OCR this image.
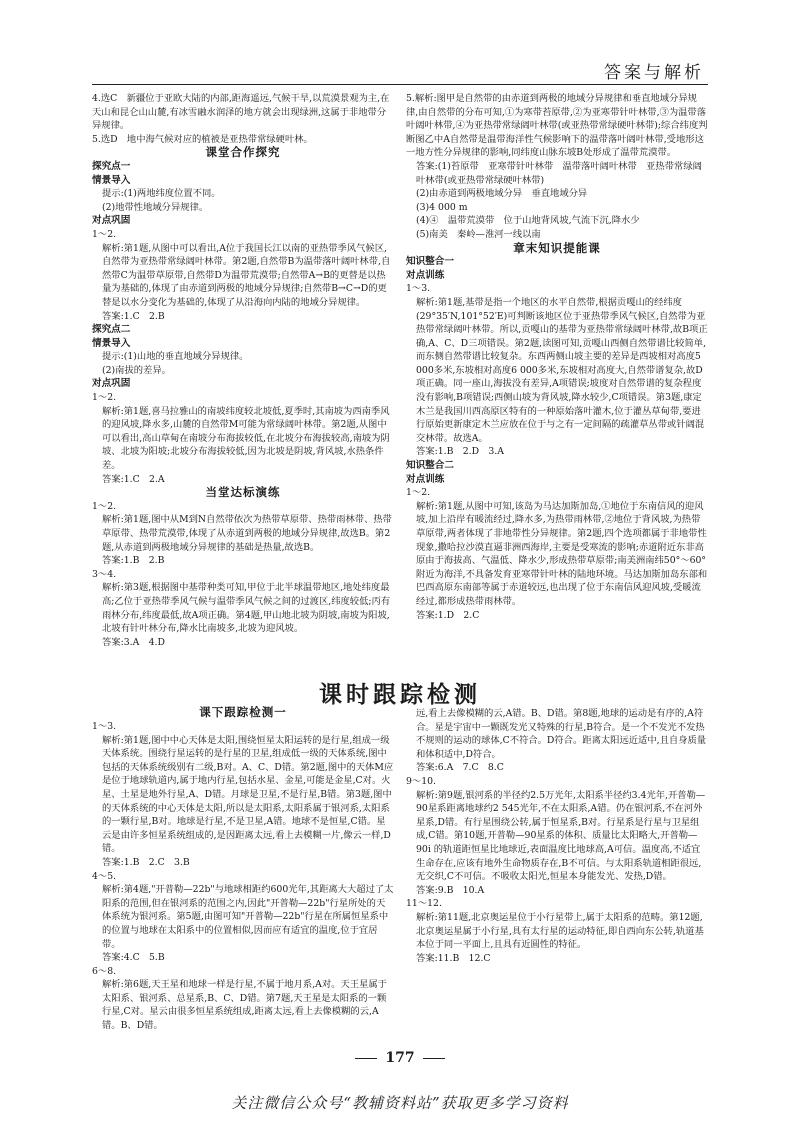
答案与解析

4.选C　新疆位于亚欧大陆的内部,距海遥远,气候干旱,以荒漠景观为主,在天山和昆仑山山麓,有冰雪融水润泽的地方就会出现绿洲,这属于非地带分异规律。

5.选D　地中海气候对应的植被是亚热带常绿硬叶林。

课堂合作探究

探究点一

情景导入

提示:(1)两地纬度位置不同。

(2)地带性地域分异规律。

对点巩固

1～2.

解析:第1题,从图中可以看出,A位于我国长江以南的亚热带季风气候区,自然带为亚热带常绿阔叶林带。第2题,自然带B为温带落叶阔叶林带,自然带C为温带草原带,自然带D为温带荒漠带;自然带A→B的更替是以热量为基础的,体现了由赤道到两极的地域分异规律;自然带B→C→D的更替是以水分变化为基础的,体现了从沿海向内陆的地域分异规律。

答案:1.C　2.B

探究点二

情景导入

提示:(1)山地的垂直地域分异规律。

(2)南拔的差异。

对点巩固

1～2.

解析:第1题,喜马拉雅山的南坡纬度较北坡低,夏季时,其南坡为西南季风的迎风坡,降水多,山麓的自然带M可能为常绿阔叶林带。第2题,从图中可以看出,高山草甸在南坡分布海拔较低,在北坡分布海拔较高,南坡为阴坡、北坡为阳坡;北坡分布海拔较低,因为北坡是阴坡,背风坡,水热条件差。

答案:1.C　2.A

当堂达标演练

1～2.

解析:第1题,图中从M到N自然带依次为热带草原带、热带雨林带、热带草原带、热带荒漠带,体现了从赤道到两极的地域分异规律,故选B。第2题,从赤道到两极地域分异规律的基础是热量,故选B。

答案:1.B　2.B

3～4.

解析:第3题,根据图中基带种类可知,甲位于北半球温带地区,地处纬度最高;乙位于亚热带季风气候与温带季风气候之间的过渡区,纬度较低;丙有雨林分布,纬度最低,故A项正确。第4题,甲山地北坡为阴坡,南坡为阳坡,北坡有针叶林分布,降水比南坡多,北坡为迎风坡。

答案:3.A　4.D

5.解析:图甲是自然带的由赤道到两极的地域分异规律和垂直地域分异规律,由自然带的分布可知,①为寒带苔原带,②为亚寒带针叶林带,③为温带落叶阔叶林带,④为亚热带常绿阔叶林带(或亚热带常绿硬叶林带);综合纬度判断图乙中A自然带是温带海洋性气候影响下的温带落叶阔叶林带,受地形这一地方性分异规律的影响,同纬度山脉东坡B处形成了温带荒漠带。

答案:(1)苔原带　亚寒带针叶林带　温带落叶阔叶林带　亚热带常绿阔叶林带(或亚热带常绿硬叶林带)

(2)由赤道到两极地域分异　垂直地域分异

(3)4 000 m

(4)④　温带荒漠带　位于山地背风坡,气流下沉,降水少

(5)南美　秦岭—淮河一线以南

章末知识提能课

知识整合一

对点训练

1～3.

解析:第1题,基带是指一个地区的水平自然带,根据贡嘎山的经纬度(29°35′N,101°52′E)可判断该地区位于亚热带季风气候区,自然带为亚热带常绿阔叶林带。所以,贡嘎山的基带为亚热带常绿阔叶林带,故B项正确,A、C、D三项错误。第2题,读图可知,贡嘎山西侧自然带谱比较简单,而东侧自然带谱比较复杂。东西两侧山坡主要的差异是西坡相对高度5 000多米,东坡相对高度6 000多米,东坡相对高度大,自然带谱复杂,故D项正确。同一座山,海拔没有差异,A项错误;坡度对自然带谱的复杂程度没有影响,B项错误;西侧山坡为背风坡,降水较少,C项错误。第3题,康定木兰是我国川西高原区特有的一种原始落叶灌木,位于灌丛草甸带,要进行原始更新康定木兰应放在位于与之有一定间隔的疏灌草丛带或针阔混交林带。故选A。

答案:1.B　2.D　3.A

知识整合二

对点训练

1～2.

解析:第1题,从图中可知,该岛为马达加斯加岛,①地位于东南信风的迎风坡,加上沿岸有暖流经过,降水多,为热带雨林带,②地位于背风坡,为热带草原带,两者体现了非地带性分异规律。第2题,四个选项都属于非地带性现象,撒哈拉沙漠直逼非洲西海岸,主要是受寒流的影响;赤道附近东非高原由于海拔高、气温低、降水少,形成热带草原带;南美洲南纬50°～60°附近为海洋,不具备发育亚寒带针叶林的陆地环境。马达加斯加岛东部和巴西高原东南部等属于赤道较远,也出现了位于东南信风迎风坡,受暖流经过,都形成热带雨林带。

答案:1.D　2.C

课时跟踪检测
课下跟踪检测一

1～3.

解析:第1题,图中中心天体是太阳,围绕恒星太阳运转的是行星,组成一级天体系统。围绕行星运转的是行星的卫星,组成低一级的天体系统,图中包括的天体系统级别有二级,B对。A、C、D错。第2题,图中的天体M应是位于地球轨道内,属于地内行星,包括水星、金星,可能是金星,C对。火星、土星是地外行星,A、D错。月球是卫星,不是行星,B错。第3题,图中的天体系统的中心天体是太阳,所以是太阳系,太阳系属于银河系,太阳系的一颗行星,B对。地球是行星,不是卫星,A错。地球不是恒星,C错。星云是由许多恒星系统组成的,是因距离太远,看上去模糊一片,像云一样,D错。

答案:1.B　2.C　3.B

4～5.

解析:第4题,"开普勒—22b"与地球相距约600光年,其距离大大超过了太阳系的范围,但在银河系的范围之内,因此"开普勒—22b"行星所处的天体系统为银河系。第5题,由图可知"开普勒—22b"行星在所属恒星系中的位置与地球在太阳系中的位置相似,因而应有适宜的温度,位于宜居带。

答案:4.C　5.B

6～8.

解析:第6题,天王星和地球一样是行星,不属于地月系,A对。天王星属于太阳系、银河系、总星系,B、C、D错。第7题,天王星是太阳系的一颗行星,C对。星云由很多恒星系统组成,距离太远,看上去像模糊的云,A错。B、D错。

远,看上去像模糊的云,A错。B、D错。第8题,地球的运动是有序的,A符合。星是宇宙中一颗既发光又特殊的行星,B符合。是一个不发光不发热不规则的运动的球体,C不符合。D符合。距离太阳远近适中,且自身质量和体积适中,D符合。

答案:6.A　7.C　8.C

9～10.

解析:第9题,银河系的半径约2.5万光年,太阳系半径约3.4光年,开普勒—90星系距离地球约2 545光年,不在太阳系,A错。仍在银河系,不在河外星系,D错。有行星围绕公转,属于恒星系,B对。行星系是行星与卫星组成,C错。第10题,开普勒—90星系的体积、质量比太阳略大,开普勒—90i 的轨道距恒星比地球近,表面温度比地球高,A可信。温度高,不适宜生命存在,应该有地外生命物质存在,B不可信。与太阳系轨道相距很远,无交织,C不可信。不吸收太阳光,恒星本身能发光、发热,D错。

答案:9.B　10.A

11～12.

解析:第11题,北京奥运星位于小行星带上,属于太阳系的范畴。第12题,北京奥运星属于小行星,具有太行星的运动特征,即自西向东公转,轨道基本位于同一平面上,且具有近圆性的特征。

答案:11.B　12.C

177
关注微信公众号“教辅资料站”获取更多学习资料
